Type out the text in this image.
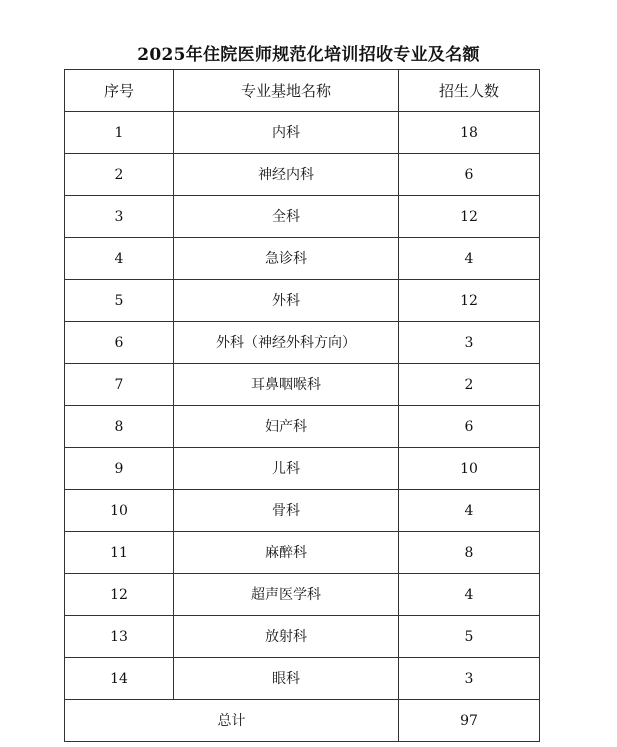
2025年住院医师规范化培训招收专业及名额
序号	专业基地名称	招生人数
1	内科	18
2	神经内科	6
3	全科	12
4	急诊科	4
5	外科	12
6	外科（神经外科方向）	3
7	耳鼻咽喉科	2
8	妇产科	6
9	儿科	10
10	骨科	4
11	麻醉科	8
12	超声医学科	4
13	放射科	5
14	眼科	3
总计		97
